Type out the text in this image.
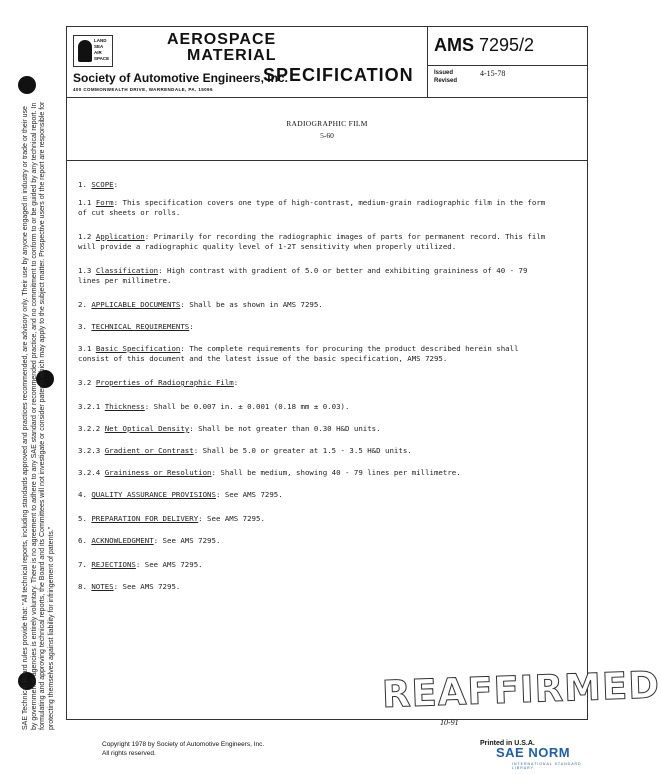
SAE Technical Board rules provide that: "All technical reports, including standards approved and practices recommended, are advisory only. Their use by anyone engaged in industry or trade or their use by governmental agencies is entirely voluntary. There is no agreement to adhere to any SAE standard or recommended practice, and no commitment to conform to or be guided by any technical report. In formulating and approving technical reports, the Board and its Committees will not investigate or consider patents which may apply to the subject matter. Prospective users of the report are responsible for protecting themselves against liability for infringement of patents."
LAND
SEA
AIR
SPACE
AEROSPACE
MATERIAL
SPECIFICATION
Society of Automotive Engineers, Inc.
400 COMMONWEALTH DRIVE, WARRENDALE, PA. 15096
AMS 7295/2
Issued
Revised
4-15-78
RADIOGRAPHIC FILM
5-60
1. SCOPE:
1.1 Form: This specification covers one type of high-contrast, medium-grain radiographic film in the form of cut sheets or rolls.
1.2 Application: Primarily for recording the radiographic images of parts for permanent record. This film will provide a radiographic quality level of 1-2T sensitivity when properly utilized.
1.3 Classification: High contrast with gradient of 5.0 or better and exhibiting graininess of 40 - 79 lines per millimetre.
2. APPLICABLE DOCUMENTS: Shall be as shown in AMS 7295.
3. TECHNICAL REQUIREMENTS:
3.1 Basic Specification: The complete requirements for procuring the product described herein shall consist of this document and the latest issue of the basic specification, AMS 7295.
3.2 Properties of Radiographic Film:
3.2.1 Thickness: Shall be 0.007 in. ± 0.001 (0.18 mm ± 0.03).
3.2.2 Net Optical Density: Shall be not greater than 0.30 H&D units.
3.2.3 Gradient or Contrast: Shall be 5.0 or greater at 1.5 - 3.5 H&D units.
3.2.4 Graininess or Resolution: Shall be medium, showing 40 - 79 lines per millimetre.
4. QUALITY ASSURANCE PROVISIONS: See AMS 7295.
5. PREPARATION FOR DELIVERY: See AMS 7295.
6. ACKNOWLEDGMENT: See AMS 7295.
7. REJECTIONS: See AMS 7295.
8. NOTES: See AMS 7295.
REAFFIRMED
10-91
Copyright 1978 by Society of Automotive Engineers, Inc.
All rights reserved.
Printed in U.S.A.
SAE NORM
INTERNATIONAL STANDARD LIBRARY
